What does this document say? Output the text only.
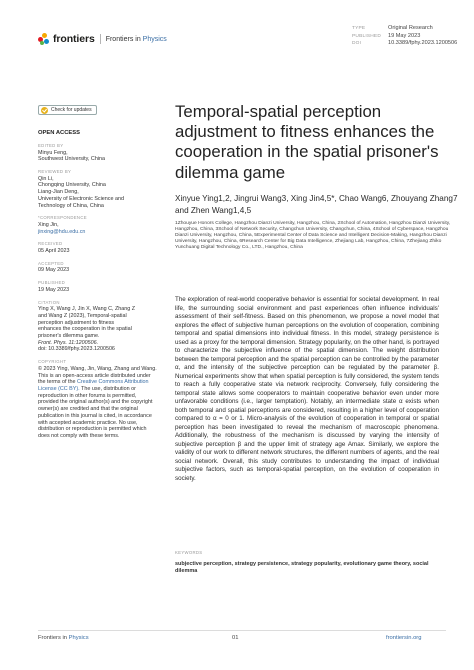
frontiers Frontiers in Physics
TYPE	Original Research
PUBLISHED 19 May 2023
DOI	10.3389/fphy.2023.1200506
Check for updates
OPEN ACCESS
EDITED BY
Minyu Feng,
Southwest University, China
REVIEWED BY
Qin Li,
Chongqing University, China
Liang-Jian Deng,
University of Electronic Science and
Technology of China, China
*CORRESPONDENCE
Xing Jin,
jinxing@hdu.edu.cn
RECEIVED
05 April 2023
ACCEPTED
09 May 2023
PUBLISHED
19 May 2023
CITATION
Ying X, Wang J, Jin X, Wang C, Zhang Z
and Wang Z (2023), Temporal-spatial
perception adjustment to fitness
enhances the cooperation in the spatial
prisoner's dilemma game.
Front. Phys. 11:1200506.
doi: 10.3389/fphy.2023.1200506
COPYRIGHT
© 2023 Ying, Wang, Jin, Wang, Zhang and Wang. This is an open-access article distributed under the terms of the Creative Commons Attribution License (CC BY). The use, distribution or reproduction in other forums is permitted, provided the original author(s) and the copyright owner(s) are credited and that the original publication in this journal is cited, in accordance with accepted academic practice. No use, distribution or reproduction is permitted which does not comply with these terms.
Temporal-spatial perception adjustment to fitness enhances the cooperation in the spatial prisoner's dilemma game
Xinyue Ying1,2, Jingrui Wang3, Xing Jin4,5*, Chao Wang6, Zhouyang Zhang7 and Zhen Wang1,4,5
1Zhouyue Honors College, Hangzhou Dianzi University, Hangzhou, China, 2School of Automation, Hangzhou Dianzi University, Hangzhou, China, 3School of Network Security, Changchun University, Changchun, China, 4School of Cyberspace, Hangzhou Dianzi University, Hangzhou, China, 5Experimental Center of Data Science and Intelligent Decision-Making, Hangzhou Dianzi University, Hangzhou, China, 6Research Center for Big Data Intelligence, Zhejiang Lab, Hangzhou, China, 7Zhejiang Zhiko Yunchuang Digital Technology Co., LTD., Hangzhou, China
The exploration of real-world cooperative behavior is essential for societal development. In real life, the surrounding social environment and past experiences often influence individuals' assessment of their self-fitness. Based on this phenomenon, we propose a novel model that explores the effect of subjective human perceptions on the evolution of cooperation, combining temporal and spatial dimensions into individual fitness. In this model, strategy persistence is used as a proxy for the temporal dimension. Strategy popularity, on the other hand, is portrayed to characterize the subjective influence of the spatial dimension. The weight distribution between the temporal perception and the spatial perception can be controlled by the parameter α, and the intensity of the subjective perception can be regulated by the parameter β. Numerical experiments show that when spatial perception is fully considered, the system tends to reach a fully cooperative state via network reciprocity. Conversely, fully considering the temporal state allows some cooperators to maintain cooperative behavior even under more unfavorable conditions (i.e., larger temptation). Notably, an intermediate state α exists when both temporal and spatial perceptions are considered, resulting in a higher level of cooperation compared to α = 0 or 1. Micro-analysis of the evolution of cooperation in temporal or spatial perception has been investigated to reveal the mechanism of macroscopic phenomena. Additionally, the robustness of the mechanism is discussed by varying the intensity of subjective perception β and the upper limit of strategy age Amax. Similarly, we explore the validity of our work to different network structures, the different numbers of agents, and the real social network. Overall, this study contributes to understanding the impact of individual subjective factors, such as temporal-spatial perception, on the evolution of cooperation in society.
KEYWORDS
subjective perception, strategy persistence, strategy popularity, evolutionary game theory, social dilemma
Frontiers in Physics	01	frontiersin.org
